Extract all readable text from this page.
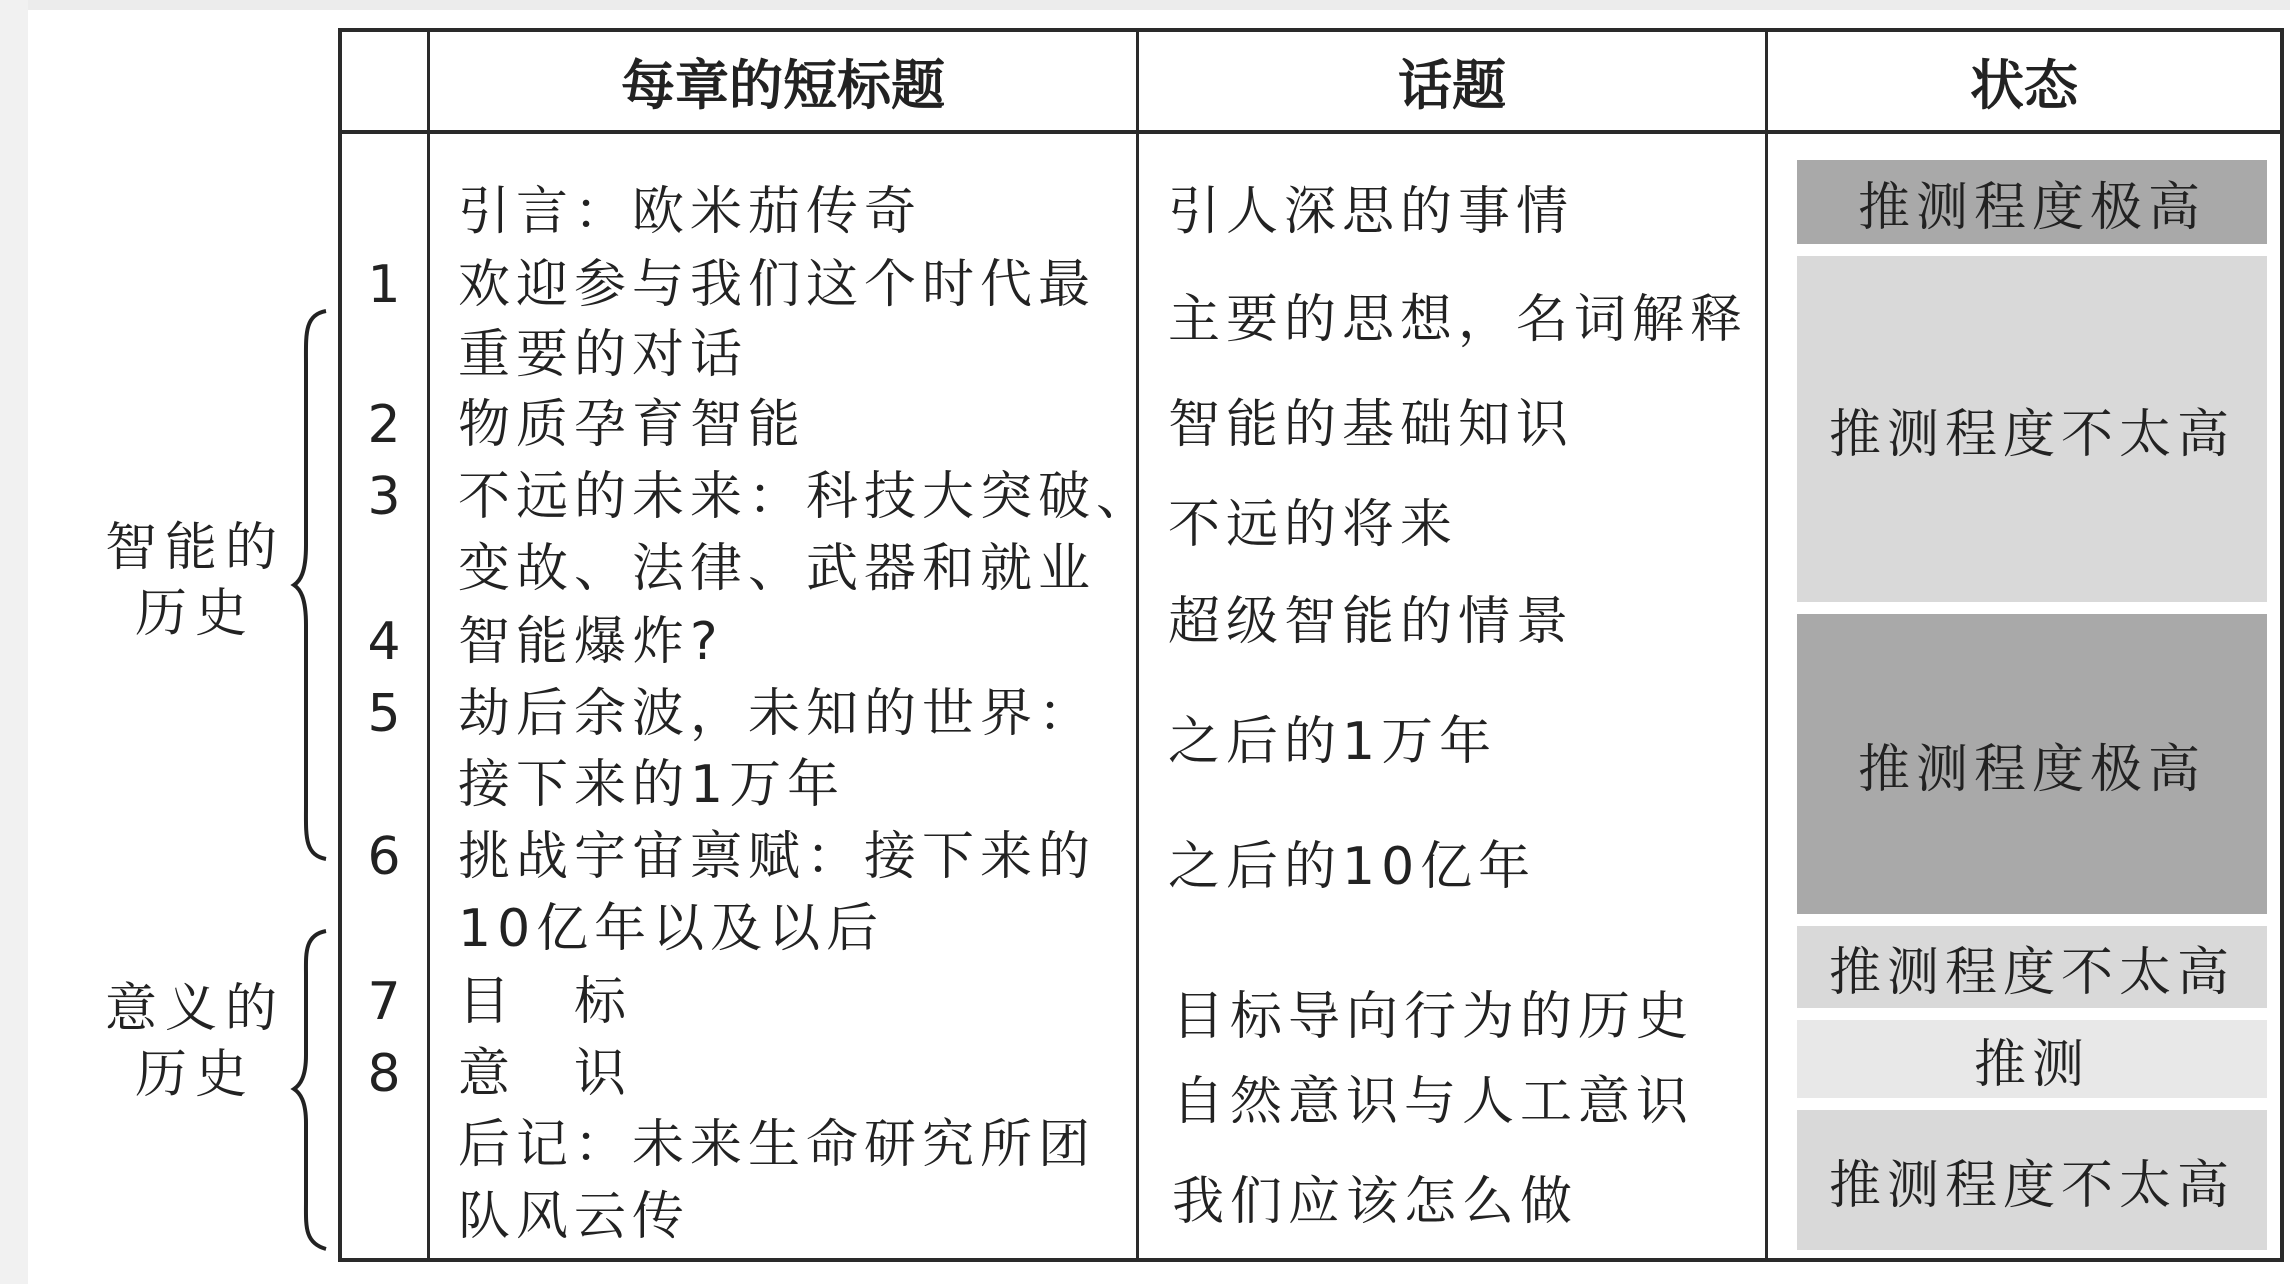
智能的
历史
意义的
历史
每章的短标题	话题	状态
1
2
3
4
5
6
7
8
引言：欧米茄传奇
欢迎参与我们这个时代最
重要的对话
物质孕育智能
不远的未来：科技大突破、
变故、法律、武器和就业
智能爆炸?
劫后余波，未知的世界：
接下来的1万年
挑战宇宙禀赋：接下来的
10亿年以及以后
目　标
意　识
后记：未来生命研究所团
队风云传
引人深思的事情
主要的思想，名词解释
智能的基础知识
不远的将来
超级智能的情景
之后的1万年
之后的10亿年
目标导向行为的历史
自然意识与人工意识
我们应该怎么做
推测程度极高
推测程度不太高
推测程度极高
推测程度不太高
推测
推测程度不太高
